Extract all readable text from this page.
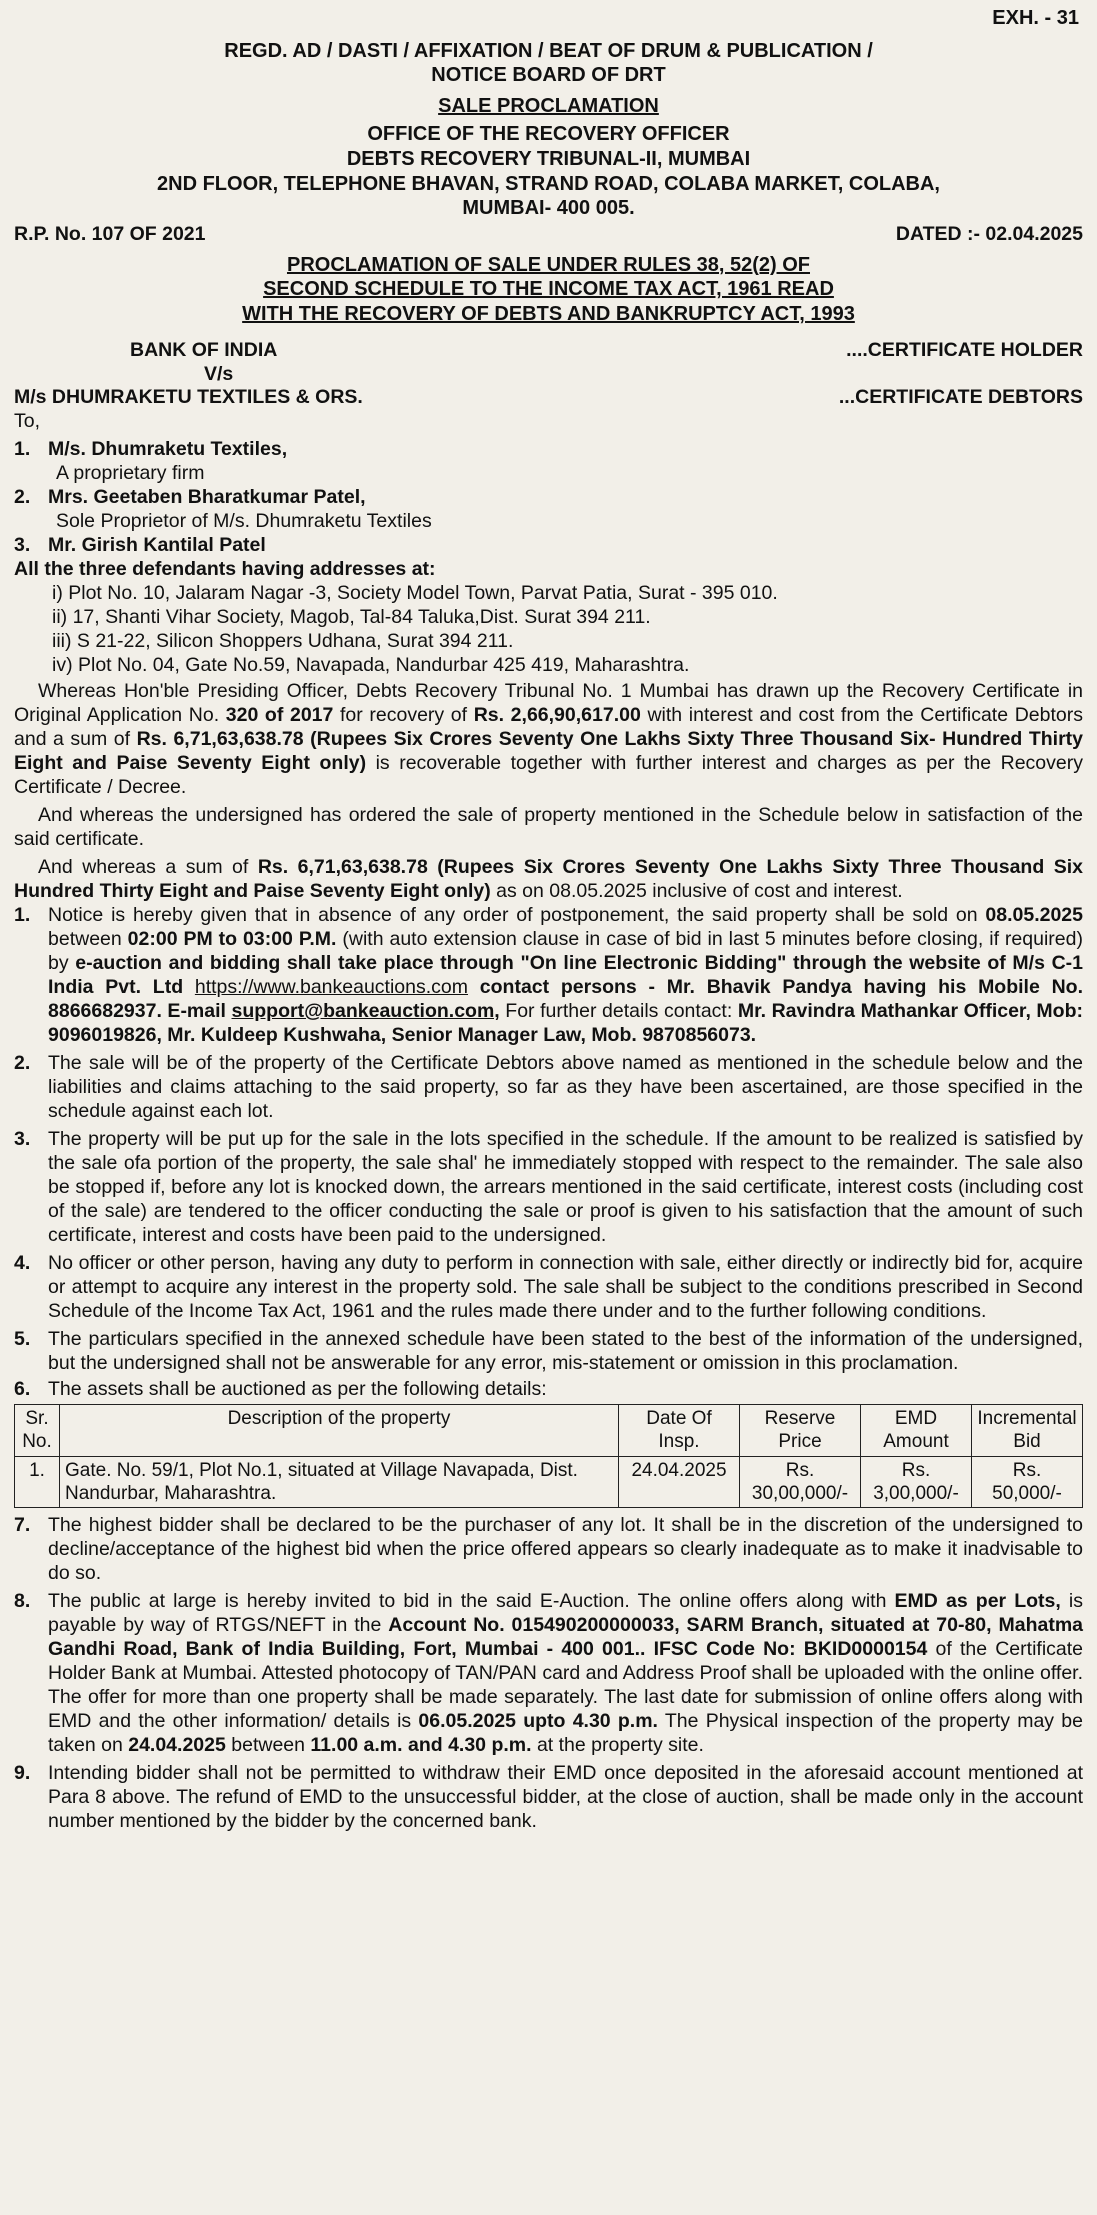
EXH. - 31
REGD. AD / DASTI / AFFIXATION / BEAT OF DRUM & PUBLICATION /
NOTICE BOARD OF DRT
SALE PROCLAMATION
OFFICE OF THE RECOVERY OFFICER
DEBTS RECOVERY TRIBUNAL-II, MUMBAI
2ND FLOOR, TELEPHONE BHAVAN, STRAND ROAD, COLABA MARKET, COLABA,
MUMBAI- 400 005.
R.P. No. 107 OF 2021	DATED :- 02.04.2025
PROCLAMATION OF SALE UNDER RULES 38, 52(2) OF
SECOND SCHEDULE TO THE INCOME TAX ACT, 1961 READ
WITH THE RECOVERY OF DEBTS AND BANKRUPTCY ACT, 1993
BANK OF INDIA	....CERTIFICATE HOLDER
V/s
M/s DHUMRAKETU TEXTILES & ORS.	...CERTIFICATE DEBTORS
To,
1. M/s. Dhumraketu Textiles,
A proprietary firm
2. Mrs. Geetaben Bharatkumar Patel,
Sole Proprietor of M/s. Dhumraketu Textiles
3. Mr. Girish Kantilal Patel
All the three defendants having addresses at:
i) Plot No. 10, Jalaram Nagar -3, Society Model Town, Parvat Patia, Surat - 395 010.
ii) 17, Shanti Vihar Society, Magob, Tal-84 Taluka,Dist. Surat 394 211.
iii) S 21-22, Silicon Shoppers Udhana, Surat 394 211.
iv) Plot No. 04, Gate No.59, Navapada, Nandurbar 425 419, Maharashtra.

Whereas Hon'ble Presiding Officer, Debts Recovery Tribunal No. 1 Mumbai has drawn up the Recovery Certificate in Original Application No. 320 of 2017 for recovery of Rs. 2,66,90,617.00 with interest and cost from the Certificate Debtors and a sum of Rs. 6,71,63,638.78 (Rupees Six Crores Seventy One Lakhs Sixty Three Thousand Six- Hundred Thirty Eight and Paise Seventy Eight only) is recoverable together with further interest and charges as per the Recovery Certificate / Decree.

And whereas the undersigned has ordered the sale of property mentioned in the Schedule below in satisfaction of the said certificate.

And whereas a sum of Rs. 6,71,63,638.78 (Rupees Six Crores Seventy One Lakhs Sixty Three Thousand Six Hundred Thirty Eight and Paise Seventy Eight only) as on 08.05.2025 inclusive of cost and interest.

1. Notice is hereby given that in absence of any order of postponement, the said property shall be sold on 08.05.2025 between 02:00 PM to 03:00 P.M. (with auto extension clause in case of bid in last 5 minutes before closing, if required) by e-auction and bidding shall take place through "On line Electronic Bidding" through the website of M/s C-1 India Pvt. Ltd https://www.bankeauctions.com contact persons - Mr. Bhavik Pandya having his Mobile No. 8866682937. E-mail support@bankeauction.com, For further details contact: Mr. Ravindra Mathankar Officer, Mob: 9096019826, Mr. Kuldeep Kushwaha, Senior Manager Law, Mob. 9870856073.
2. The sale will be of the property of the Certificate Debtors above named as mentioned in the schedule below and the liabilities and claims attaching to the said property, so far as they have been ascertained, are those specified in the schedule against each lot.
3. The property will be put up for the sale in the lots specified in the schedule. If the amount to be realized is satisfied by the sale ofa portion of the property, the sale shal' he immediately stopped with respect to the remainder. The sale also be stopped if, before any lot is knocked down, the arrears mentioned in the said certificate, interest costs (including cost of the sale) are tendered to the officer conducting the sale or proof is given to his satisfaction that the amount of such certificate, interest and costs have been paid to the undersigned.
4. No officer or other person, having any duty to perform in connection with sale, either directly or indirectly bid for, acquire or attempt to acquire any interest in the property sold. The sale shall be subject to the conditions prescribed in Second Schedule of the Income Tax Act, 1961 and the rules made there under and to the further following conditions.
5. The particulars specified in the annexed schedule have been stated to the best of the information of the undersigned, but the undersigned shall not be answerable for any error, mis-statement or omission in this proclamation.
6. The assets shall be auctioned as per the following details:
Sr. No.	Description of the property	Date Of Insp.	Reserve Price	EMD Amount	Incremental Bid
1.	Gate. No. 59/1, Plot No.1, situated at Village Navapada, Dist. Nandurbar, Maharashtra.	24.04.2025	Rs. 30,00,000/-	Rs. 3,00,000/-	Rs. 50,000/-
7. The highest bidder shall be declared to be the purchaser of any lot. It shall be in the discretion of the undersigned to decline/acceptance of the highest bid when the price offered appears so clearly inadequate as to make it inadvisable to do so.
8. The public at large is hereby invited to bid in the said E-Auction. The online offers along with EMD as per Lots, is payable by way of RTGS/NEFT in the Account No. 015490200000033, SARM Branch, situated at 70-80, Mahatma Gandhi Road, Bank of India Building, Fort, Mumbai - 400 001.. IFSC Code No: BKID0000154 of the Certificate Holder Bank at Mumbai. Attested photocopy of TAN/PAN card and Address Proof shall be uploaded with the online offer. The offer for more than one property shall be made separately. The last date for submission of online offers along with EMD and the other information/ details is 06.05.2025 upto 4.30 p.m. The Physical inspection of the property may be taken on 24.04.2025 between 11.00 a.m. and 4.30 p.m. at the property site.
9. Intending bidder shall not be permitted to withdraw their EMD once deposited in the aforesaid account mentioned at Para 8 above. The refund of EMD to the unsuccessful bidder, at the close of auction, shall be made only in the account number mentioned by the bidder by the concerned bank.
